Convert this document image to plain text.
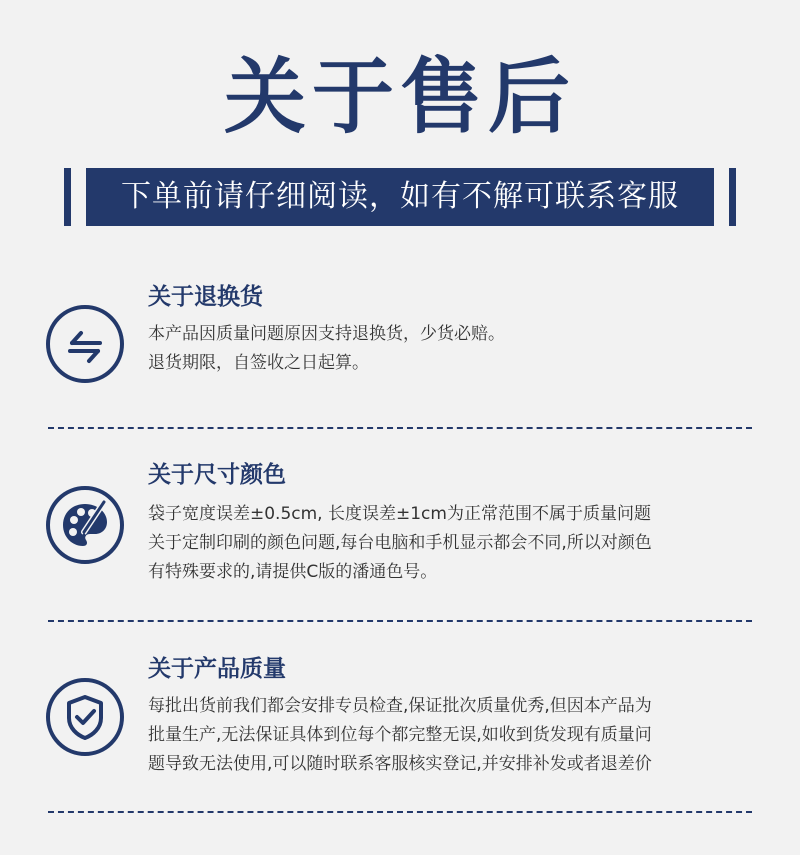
关于售后
下单前请仔细阅读，如有不解可联系客服
关于退换货
本产品因质量问题原因支持退换货，少货必赔。
退货期限，自签收之日起算。
关于尺寸颜色
袋子宽度误差±0.5cm, 长度误差±1cm为正常范围不属于质量问题
关于定制印刷的颜色问题,每台电脑和手机显示都会不同,所以对颜色
有特殊要求的,请提供C版的潘通色号。
关于产品质量
每批出货前我们都会安排专员检查,保证批次质量优秀,但因本产品为
批量生产,无法保证具体到位每个都完整无误,如收到货发现有质量问
题导致无法使用,可以随时联系客服核实登记,并安排补发或者退差价
